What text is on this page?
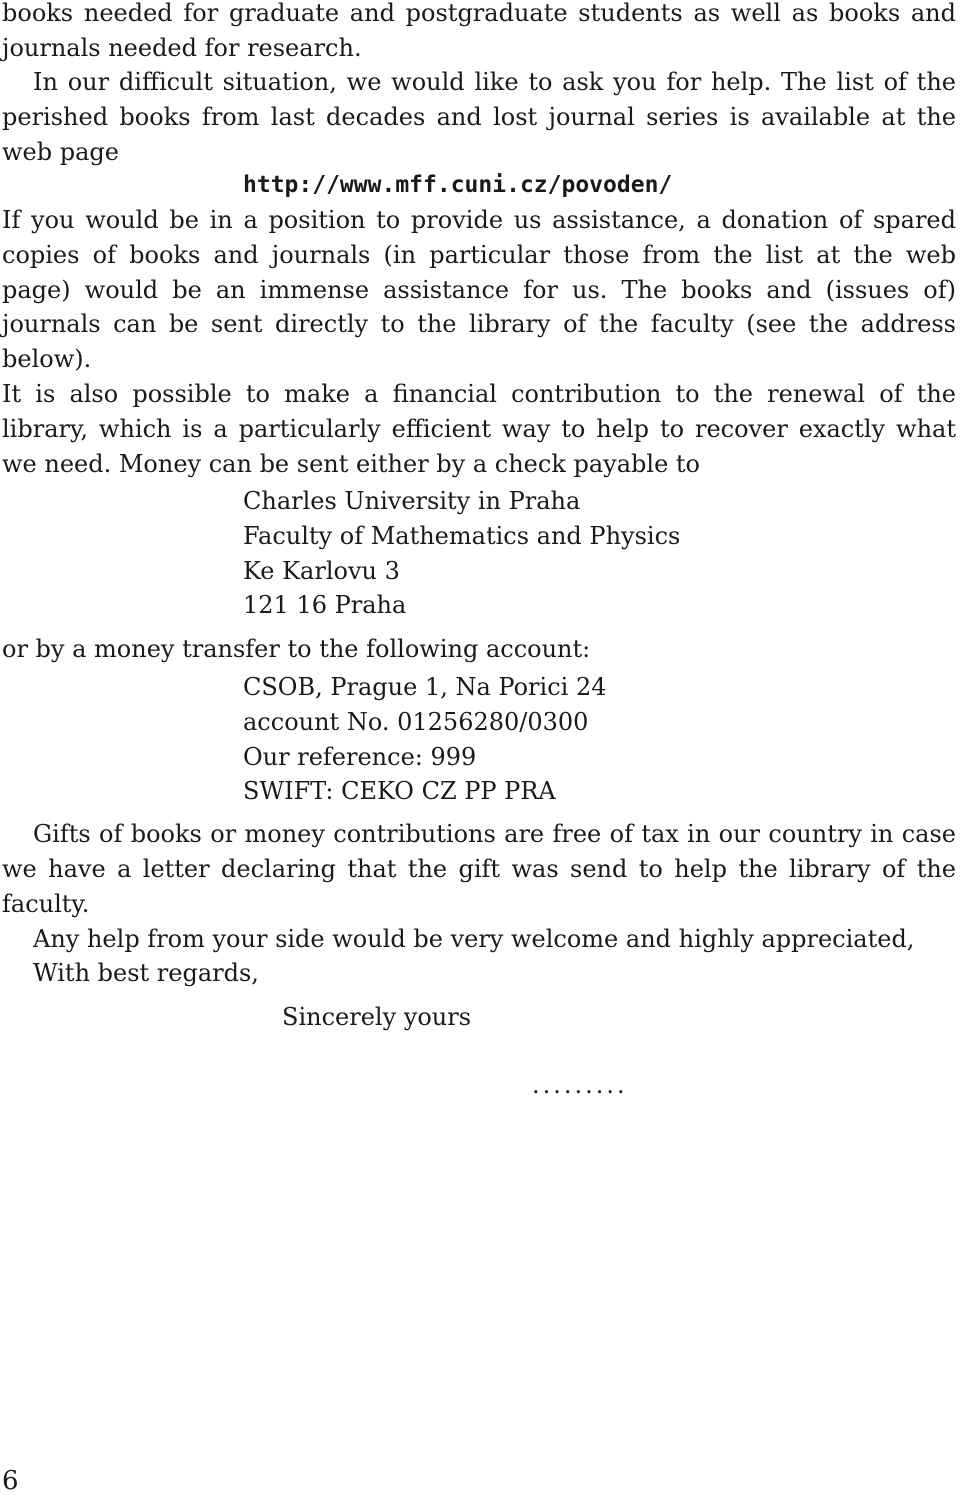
books needed for graduate and postgraduate students as well as books and journals needed for research.

In our difficult situation, we would like to ask you for help. The list of the perished books from last decades and lost journal series is available at the web page

http://www.mff.cuni.cz/povoden/

If you would be in a position to provide us assistance, a donation of spared copies of books and journals (in particular those from the list at the web page) would be an immense assistance for us. The books and (issues of) journals can be sent directly to the library of the faculty (see the address below).

It is also possible to make a financial contribution to the renewal of the library, which is a particularly efficient way to help to recover exactly what we need. Money can be sent either by a check payable to

Charles University in Praha
Faculty of Mathematics and Physics
Ke Karlovu 3
121 16 Praha

or by a money transfer to the following account:

CSOB, Prague 1, Na Porici 24
account No. 01256280/0300
Our reference: 999
SWIFT: CEKO CZ PP PRA

Gifts of books or money contributions are free of tax in our country in case we have a letter declaring that the gift was send to help the library of the faculty.

Any help from your side would be very welcome and highly appreciated,

With best regards,

Sincerely yours

.........

6
